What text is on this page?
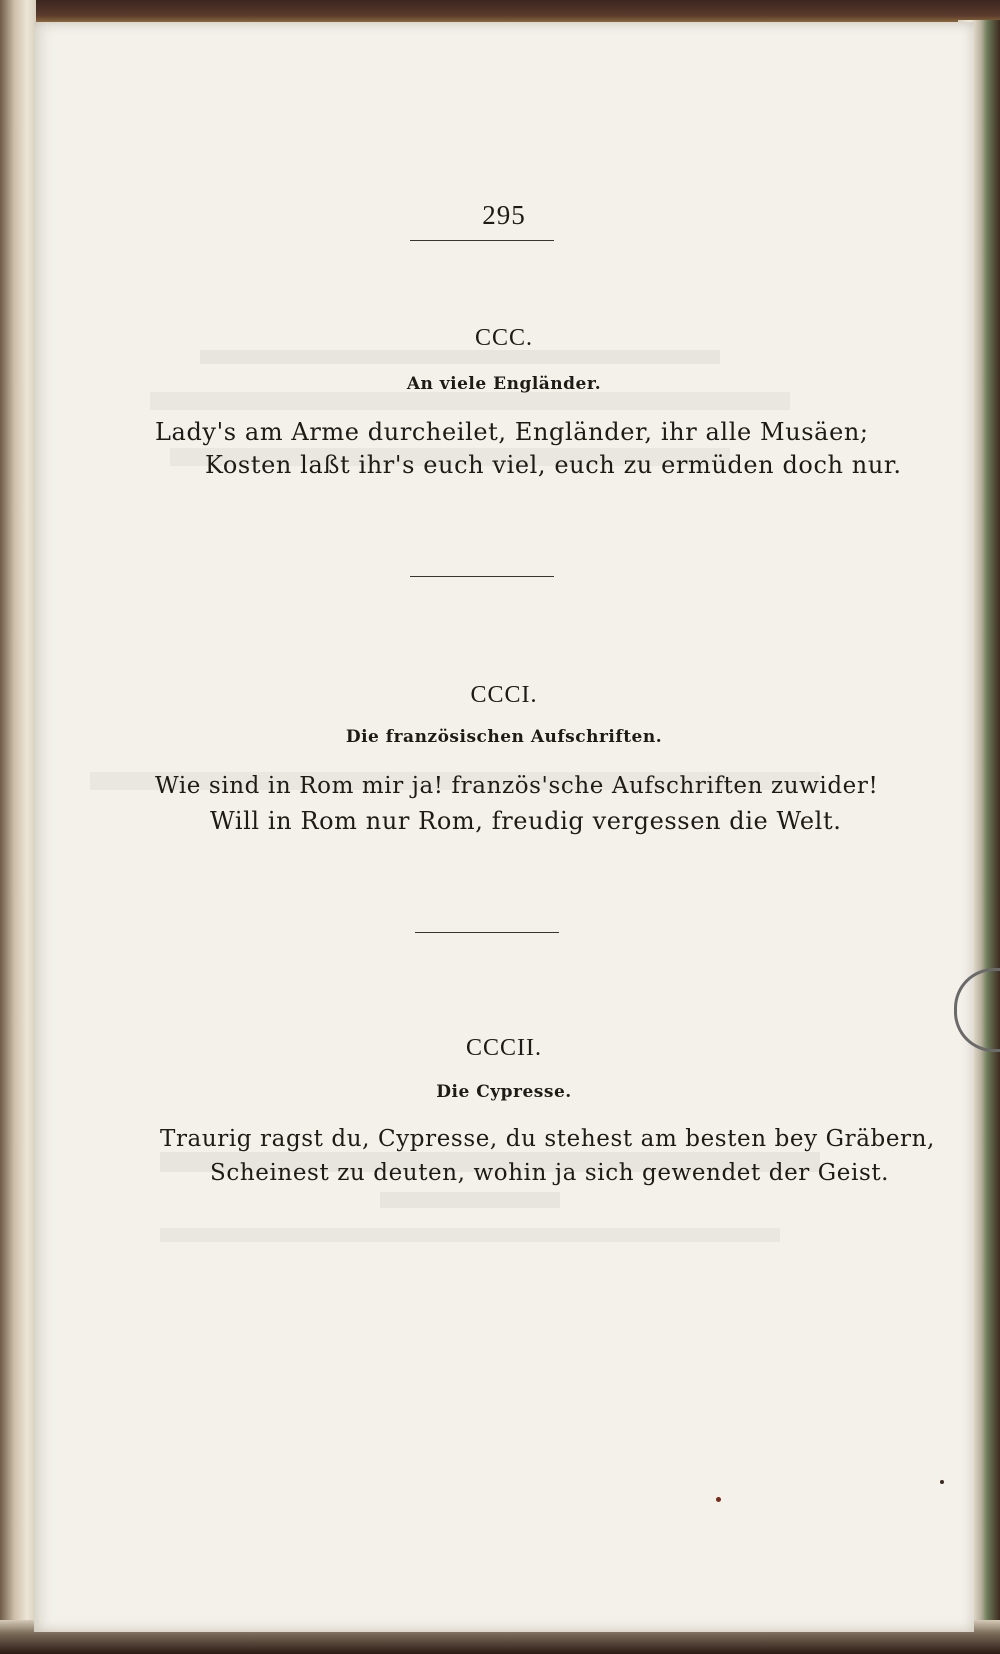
295

CCC.

An viele Engländer.

Lady's am Arme durcheilet, Engländer, ihr alle Musäen;

Kosten laßt ihr's euch viel, euch zu ermüden doch nur.

CCCI.

Die französischen Aufschriften.

Wie sind in Rom mir ja! französ'sche Aufschriften zuwider!

Will in Rom nur Rom, freudig vergessen die Welt.

CCCII.

Die Cypresse.

Traurig ragst du, Cypresse, du stehest am besten bey Gräbern,

Scheinest zu deuten, wohin ja sich gewendet der Geist.
